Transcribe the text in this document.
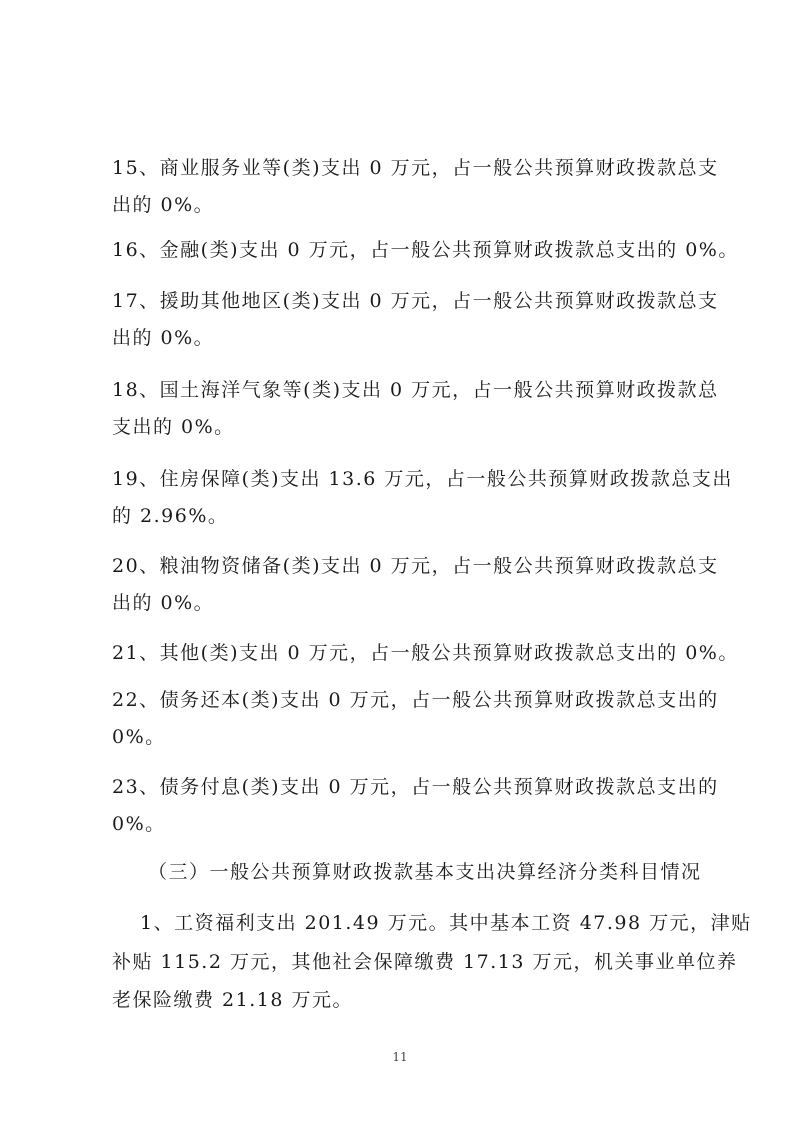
15、商业服务业等(类)支出 0 万元，占一般公共预算财政拨款总支
出的 0%。
16、金融(类)支出 0 万元，占一般公共预算财政拨款总支出的 0%。
17、援助其他地区(类)支出 0 万元，占一般公共预算财政拨款总支
出的 0%。
18、国土海洋气象等(类)支出 0 万元，占一般公共预算财政拨款总
支出的 0%。
19、住房保障(类)支出 13.6 万元，占一般公共预算财政拨款总支出
的 2.96%。
20、粮油物资储备(类)支出 0 万元，占一般公共预算财政拨款总支
出的 0%。
21、其他(类)支出 0 万元，占一般公共预算财政拨款总支出的 0%。
22、债务还本(类)支出 0 万元，占一般公共预算财政拨款总支出的
0%。
23、债务付息(类)支出 0 万元，占一般公共预算财政拨款总支出的
0%。
（三）一般公共预算财政拨款基本支出决算经济分类科目情况
1、工资福利支出 201.49 万元。其中基本工资 47.98 万元，津贴
补贴 115.2 万元，其他社会保障缴费 17.13 万元，机关事业单位养
老保险缴费 21.18 万元。
11
